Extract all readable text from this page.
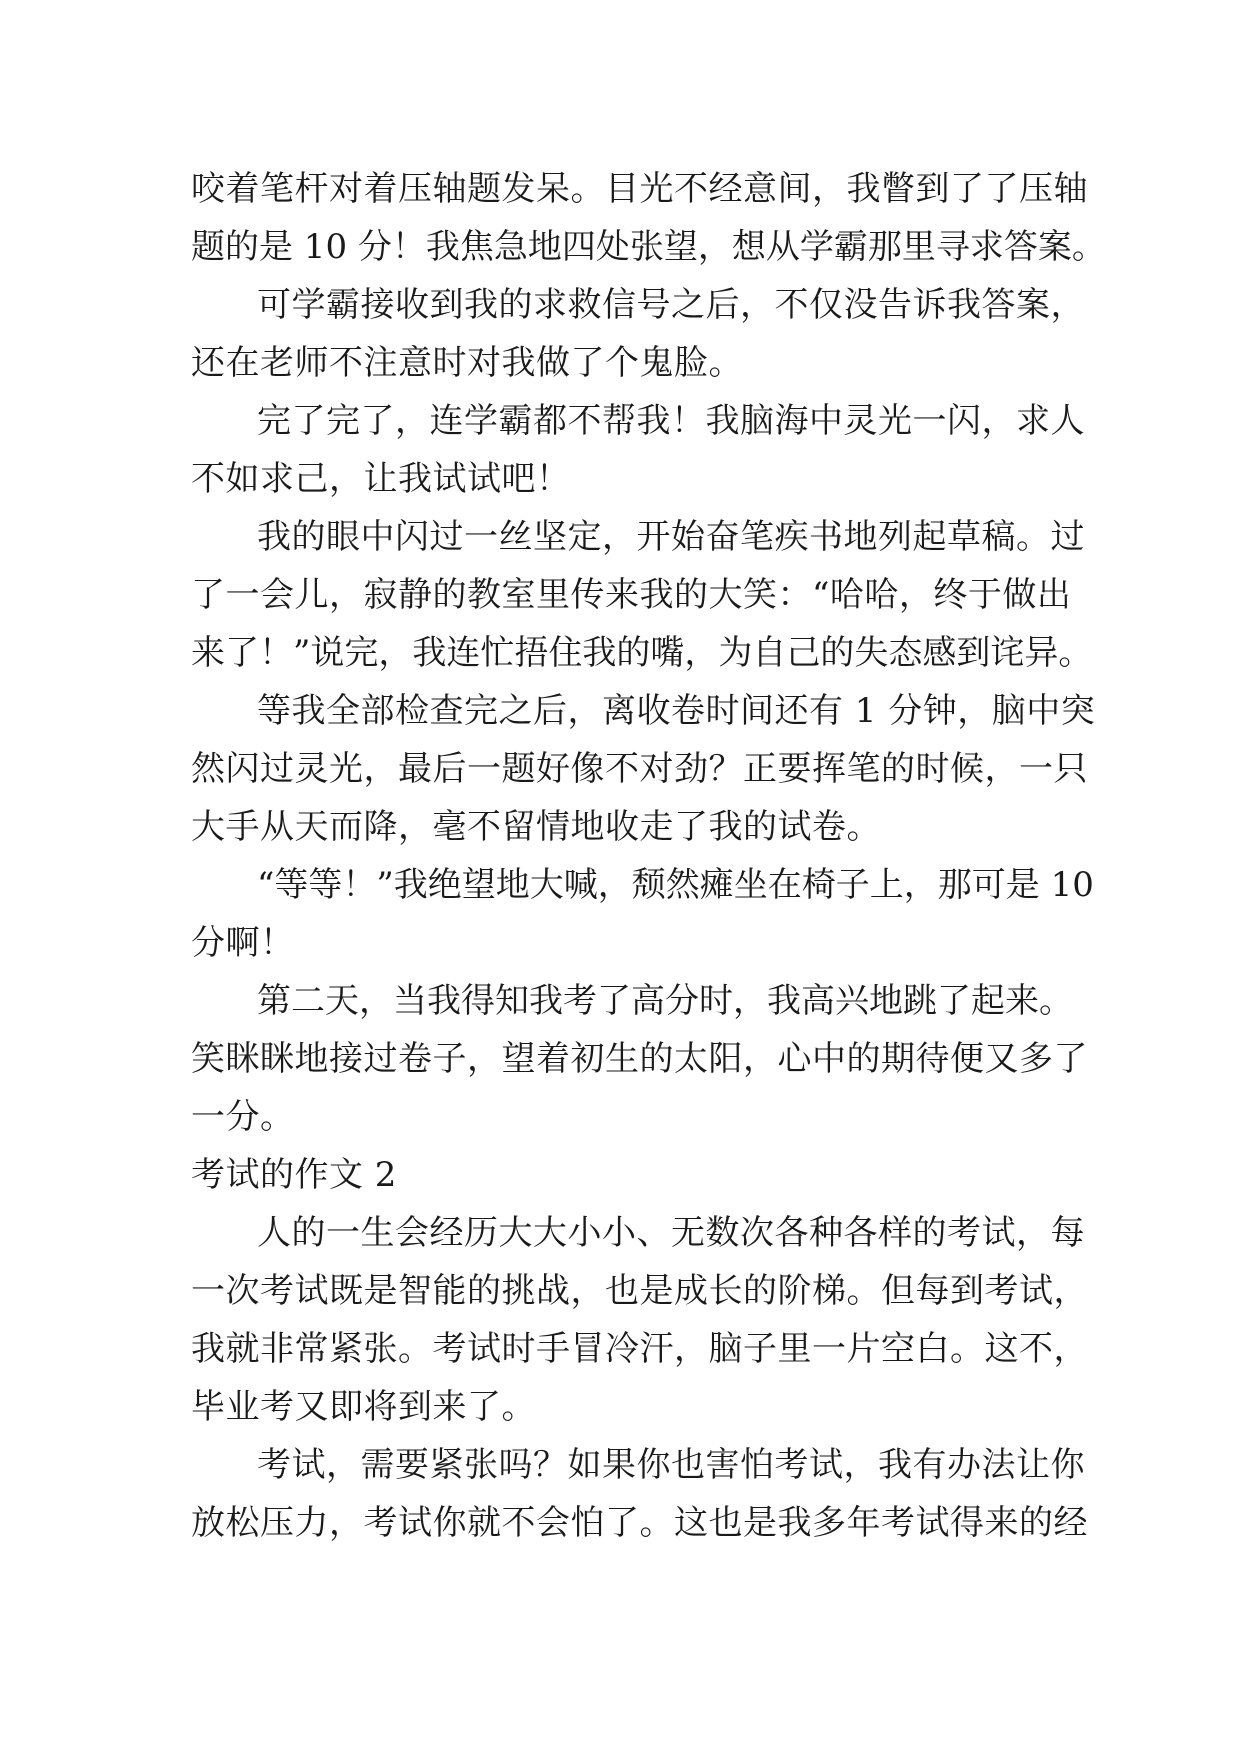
咬着笔杆对着压轴题发呆。目光不经意间，我瞥到了了压轴
题的是 10 分！我焦急地四处张望，想从学霸那里寻求答案。
可学霸接收到我的求救信号之后，不仅没告诉我答案，
还在老师不注意时对我做了个鬼脸。
完了完了，连学霸都不帮我！我脑海中灵光一闪，求人
不如求己，让我试试吧！
我的眼中闪过一丝坚定，开始奋笔疾书地列起草稿。过
了一会儿，寂静的教室里传来我的大笑：“哈哈，终于做出
来了！”说完，我连忙捂住我的嘴，为自己的失态感到诧异。
等我全部检查完之后，离收卷时间还有 1 分钟，脑中突
然闪过灵光，最后一题好像不对劲？正要挥笔的时候，一只
大手从天而降，毫不留情地收走了我的试卷。
“等等！”我绝望地大喊，颓然瘫坐在椅子上，那可是 10
分啊！
第二天，当我得知我考了高分时，我高兴地跳了起来。
笑眯眯地接过卷子，望着初生的太阳，心中的期待便又多了
一分。
考试的作文 2
人的一生会经历大大小小、无数次各种各样的考试，每
一次考试既是智能的挑战，也是成长的阶梯。但每到考试，
我就非常紧张。考试时手冒冷汗，脑子里一片空白。这不，
毕业考又即将到来了。
考试，需要紧张吗？如果你也害怕考试，我有办法让你
放松压力，考试你就不会怕了。这也是我多年考试得来的经
